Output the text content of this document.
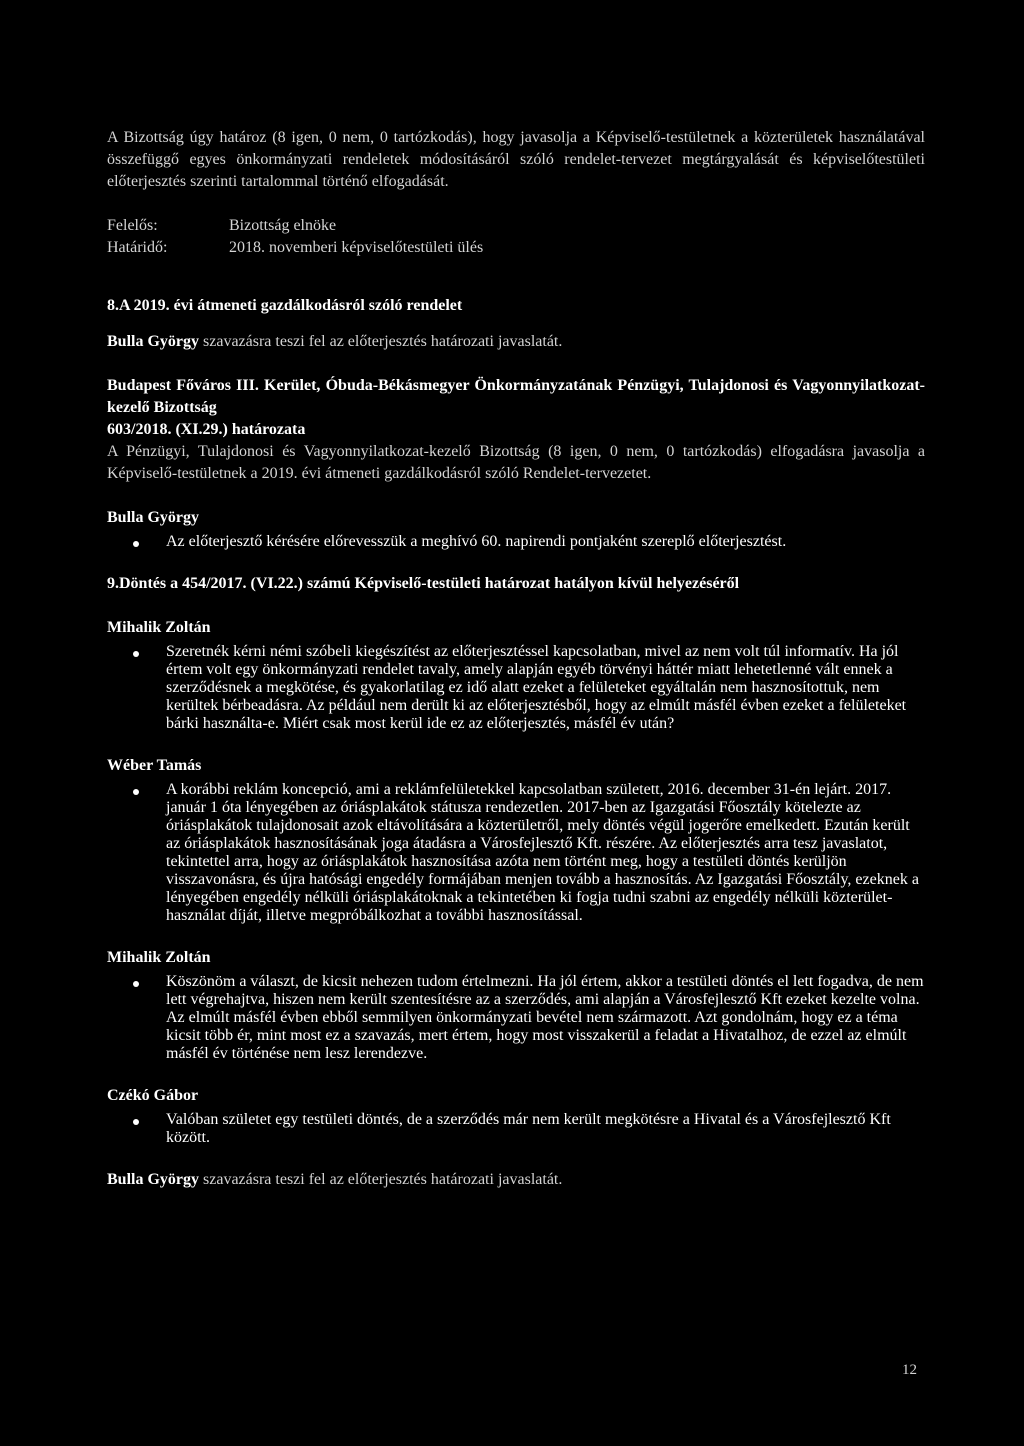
A Bizottság úgy határoz (8 igen, 0 nem, 0 tartózkodás), hogy javasolja a Képviselő-testületnek a közterületek használatával összefüggő egyes önkormányzati rendeletek módosításáról szóló rendelet-tervezet megtárgyalását és képviselőtestületi előterjesztés szerinti tartalommal történő elfogadását.

Felelős:	Bizottság elnöke
Határidő:	2018. novemberi képviselőtestületi ülés
8.A 2019. évi átmeneti gazdálkodásról szóló rendelet

Bulla György szavazásra teszi fel az előterjesztés határozati javaslatát.

Budapest Főváros III. Kerület, Óbuda-Békásmegyer Önkormányzatának Pénzügyi, Tulajdonosi és Vagyonnyilatkozat-kezelő Bizottság

603/2018. (XI.29.) határozata

A Pénzügyi, Tulajdonosi és Vagyonnyilatkozat-kezelő Bizottság (8 igen, 0 nem, 0 tartózkodás) elfogadásra javasolja a Képviselő-testületnek a 2019. évi átmeneti gazdálkodásról szóló Rendelet-tervezetet.

Bulla György
Az előterjesztő kérésére előrevesszük a meghívó 60. napirendi pontjaként szereplő előterjesztést.
9.Döntés a 454/2017. (VI.22.) számú Képviselő-testületi határozat hatályon kívül helyezéséről
Mihalik Zoltán
Szeretnék kérni némi szóbeli kiegészítést az előterjesztéssel kapcsolatban, mivel az nem volt túl informatív. Ha jól értem volt egy önkormányzati rendelet tavaly, amely alapján egyéb törvényi háttér miatt lehetetlenné vált ennek a szerződésnek a megkötése, és gyakorlatilag ez idő alatt ezeket a felületeket egyáltalán nem hasznosítottuk, nem kerültek bérbeadásra. Az például nem derült ki az előterjesztésből, hogy az elmúlt másfél évben ezeket a felületeket bárki használta-e. Miért csak most kerül ide ez az előterjesztés, másfél év után?
Wéber Tamás
A korábbi reklám koncepció, ami a reklámfelületekkel kapcsolatban született, 2016. december 31-én lejárt. 2017. január 1 óta lényegében az óriásplakátok státusza rendezetlen. 2017-ben az Igazgatási Főosztály kötelezte az óriásplakátok tulajdonosait azok eltávolítására a közterületről, mely döntés végül jogerőre emelkedett. Ezután került az óriásplakátok hasznosításának joga átadásra a Városfejlesztő Kft. részére. Az előterjesztés arra tesz javaslatot, tekintettel arra, hogy az óriásplakátok hasznosítása azóta nem történt meg, hogy a testületi döntés kerüljön visszavonásra, és újra hatósági engedély formájában menjen tovább a hasznosítás. Az Igazgatási Főosztály, ezeknek a lényegében engedély nélküli óriásplakátoknak a tekintetében ki fogja tudni szabni az engedély nélküli közterület-használat díját, illetve megpróbálkozhat a további hasznosítással.
Mihalik Zoltán
Köszönöm a választ, de kicsit nehezen tudom értelmezni. Ha jól értem, akkor a testületi döntés el lett fogadva, de nem lett végrehajtva, hiszen nem került szentesítésre az a szerződés, ami alapján a Városfejlesztő Kft ezeket kezelte volna. Az elmúlt másfél évben ebből semmilyen önkormányzati bevétel nem származott. Azt gondolnám, hogy ez a téma kicsit több ér, mint most ez a szavazás, mert értem, hogy most visszakerül a feladat a Hivatalhoz, de ezzel az elmúlt másfél év történése nem lesz lerendezve.
Czékó Gábor
Valóban születet egy testületi döntés, de a szerződés már nem került megkötésre a Hivatal és a Városfejlesztő Kft között.

Bulla György szavazásra teszi fel az előterjesztés határozati javaslatát.

12
